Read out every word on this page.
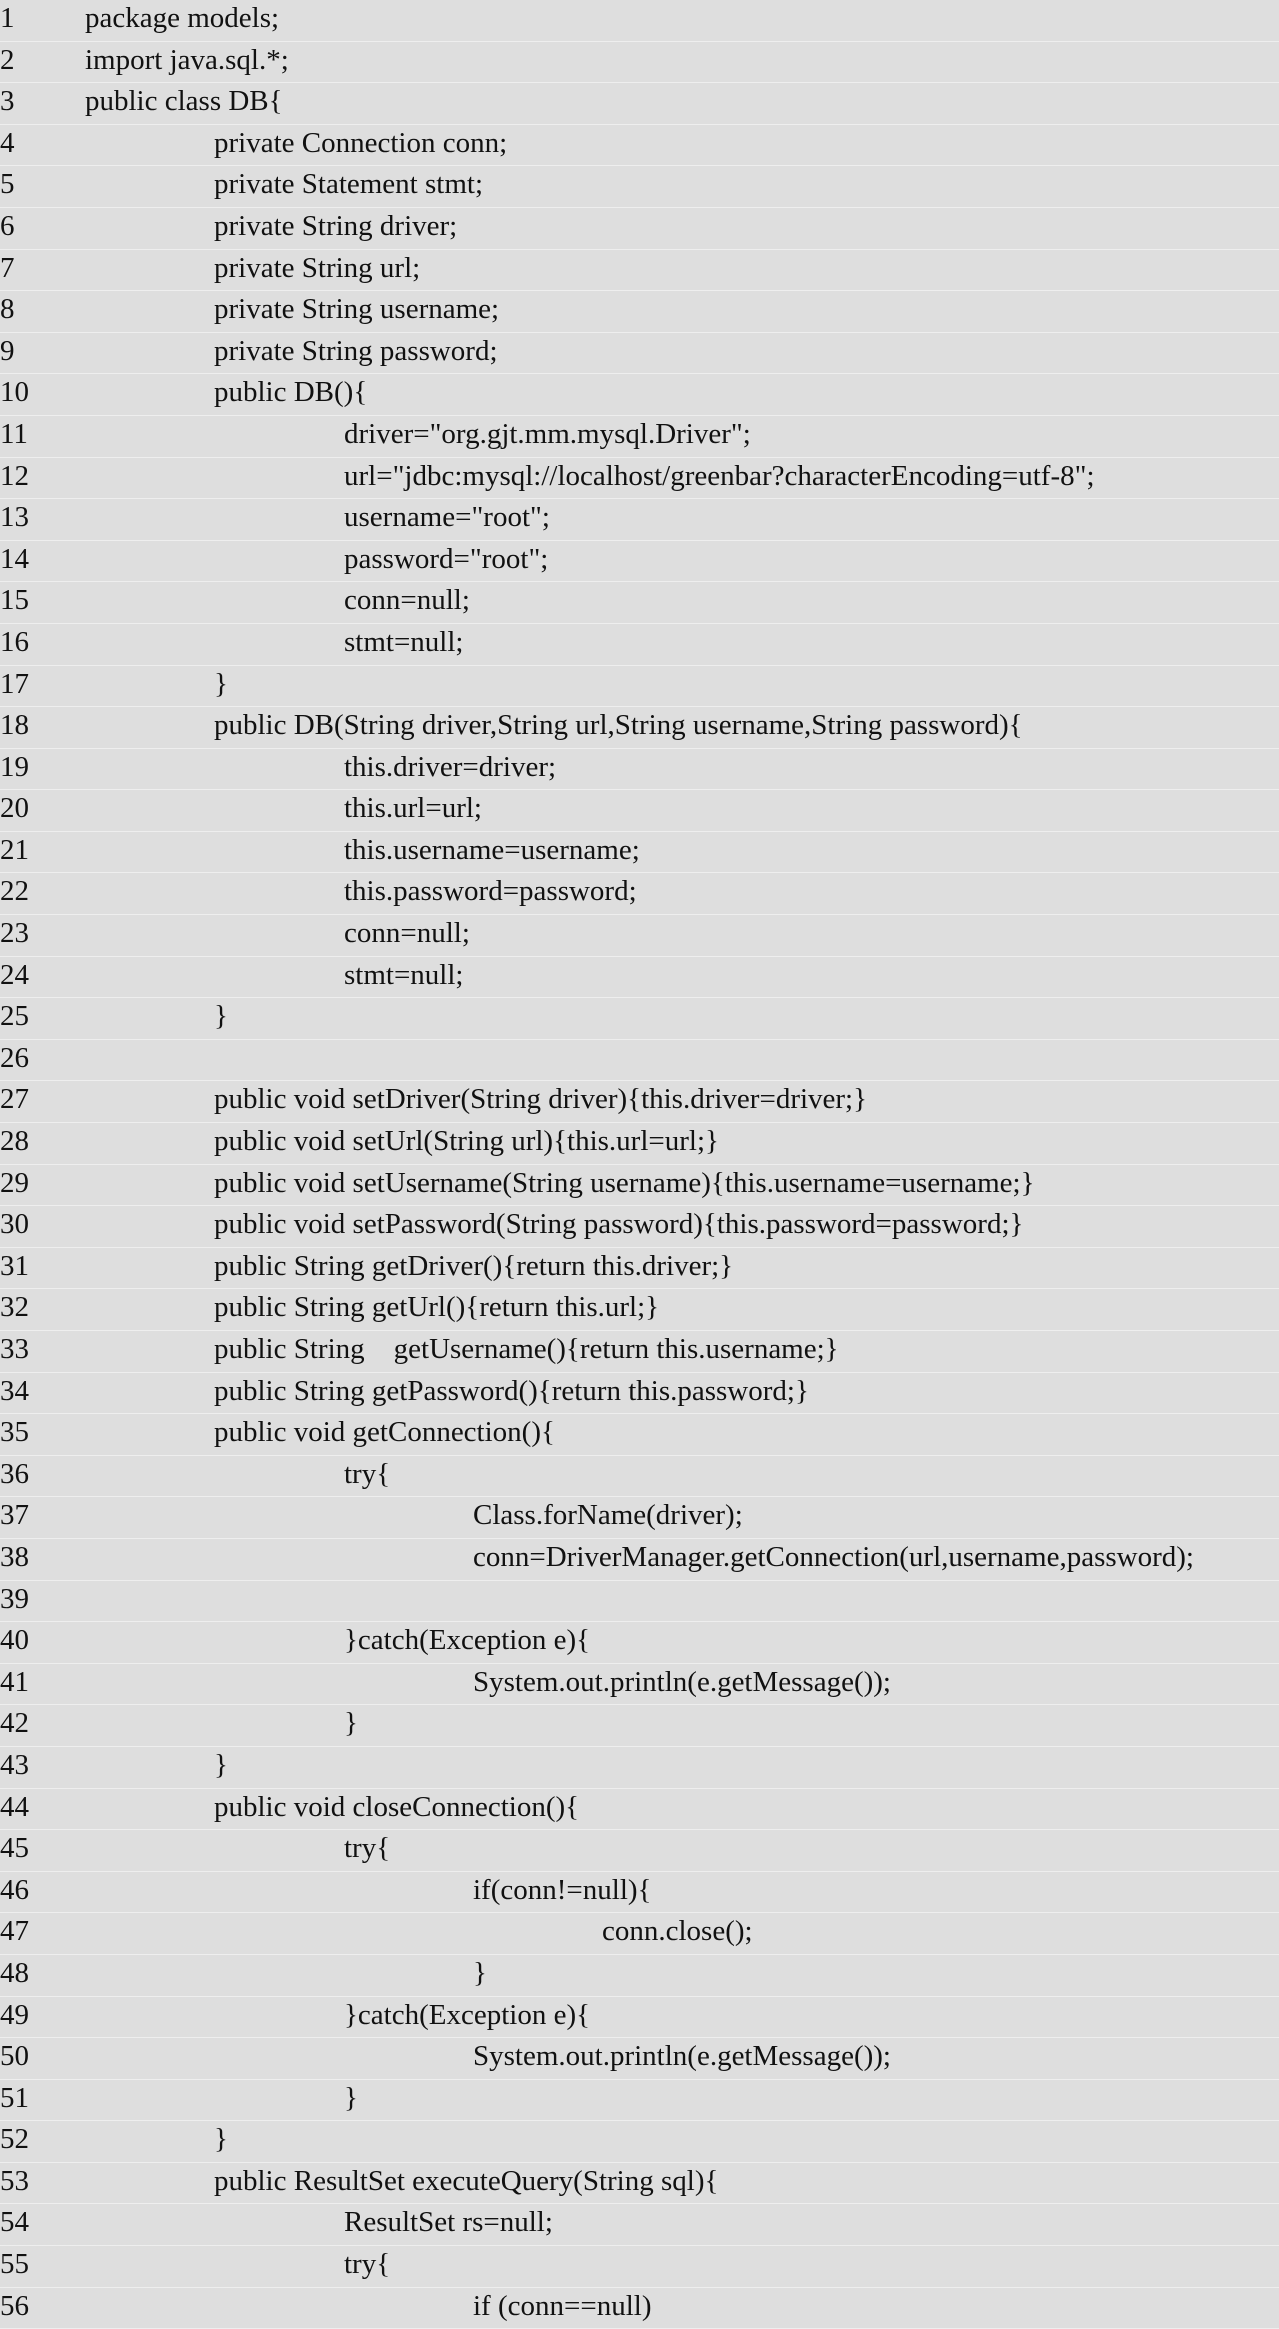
1 package models;
2 import java.sql.*;
3 public class DB{
4	private Connection conn;
5	private Statement stmt;
6	private String driver;
7	private String url;
8	private String username;
9	private String password;
10	public DB(){
11	driver="org.gjt.mm.mysql.Driver";
12	url="jdbc:mysql://localhost/greenbar?characterEncoding=utf-8";
13	username="root";
14	password="root";
15	conn=null;
16	stmt=null;
17	}
18	public DB(String driver,String url,String username,String password){
19	this.driver=driver;
20	this.url=url;
21	this.username=username;
22	this.password=password;
23	conn=null;
24	stmt=null;
25	}
26
27	public void setDriver(String driver){this.driver=driver;}
28	public void setUrl(String url){this.url=url;}
29	public void setUsername(String username){this.username=username;}
30	public void setPassword(String password){this.password=password;}
31	public String getDriver(){return this.driver;}
32	public String getUrl(){return this.url;}
33	public String    getUsername(){return this.username;}
34	public String getPassword(){return this.password;}
35	public void getConnection(){
36	try{
37	Class.forName(driver);
38	conn=DriverManager.getConnection(url,username,password);
39
40	}catch(Exception e){
41	System.out.println(e.getMessage());
42	}
43	}
44	public void closeConnection(){
45	try{
46	if(conn!=null){
47	conn.close();
48	}
49	}catch(Exception e){
50	System.out.println(e.getMessage());
51	}
52	}
53	public ResultSet executeQuery(String sql){
54	ResultSet rs=null;
55	try{
56	if (conn==null)
